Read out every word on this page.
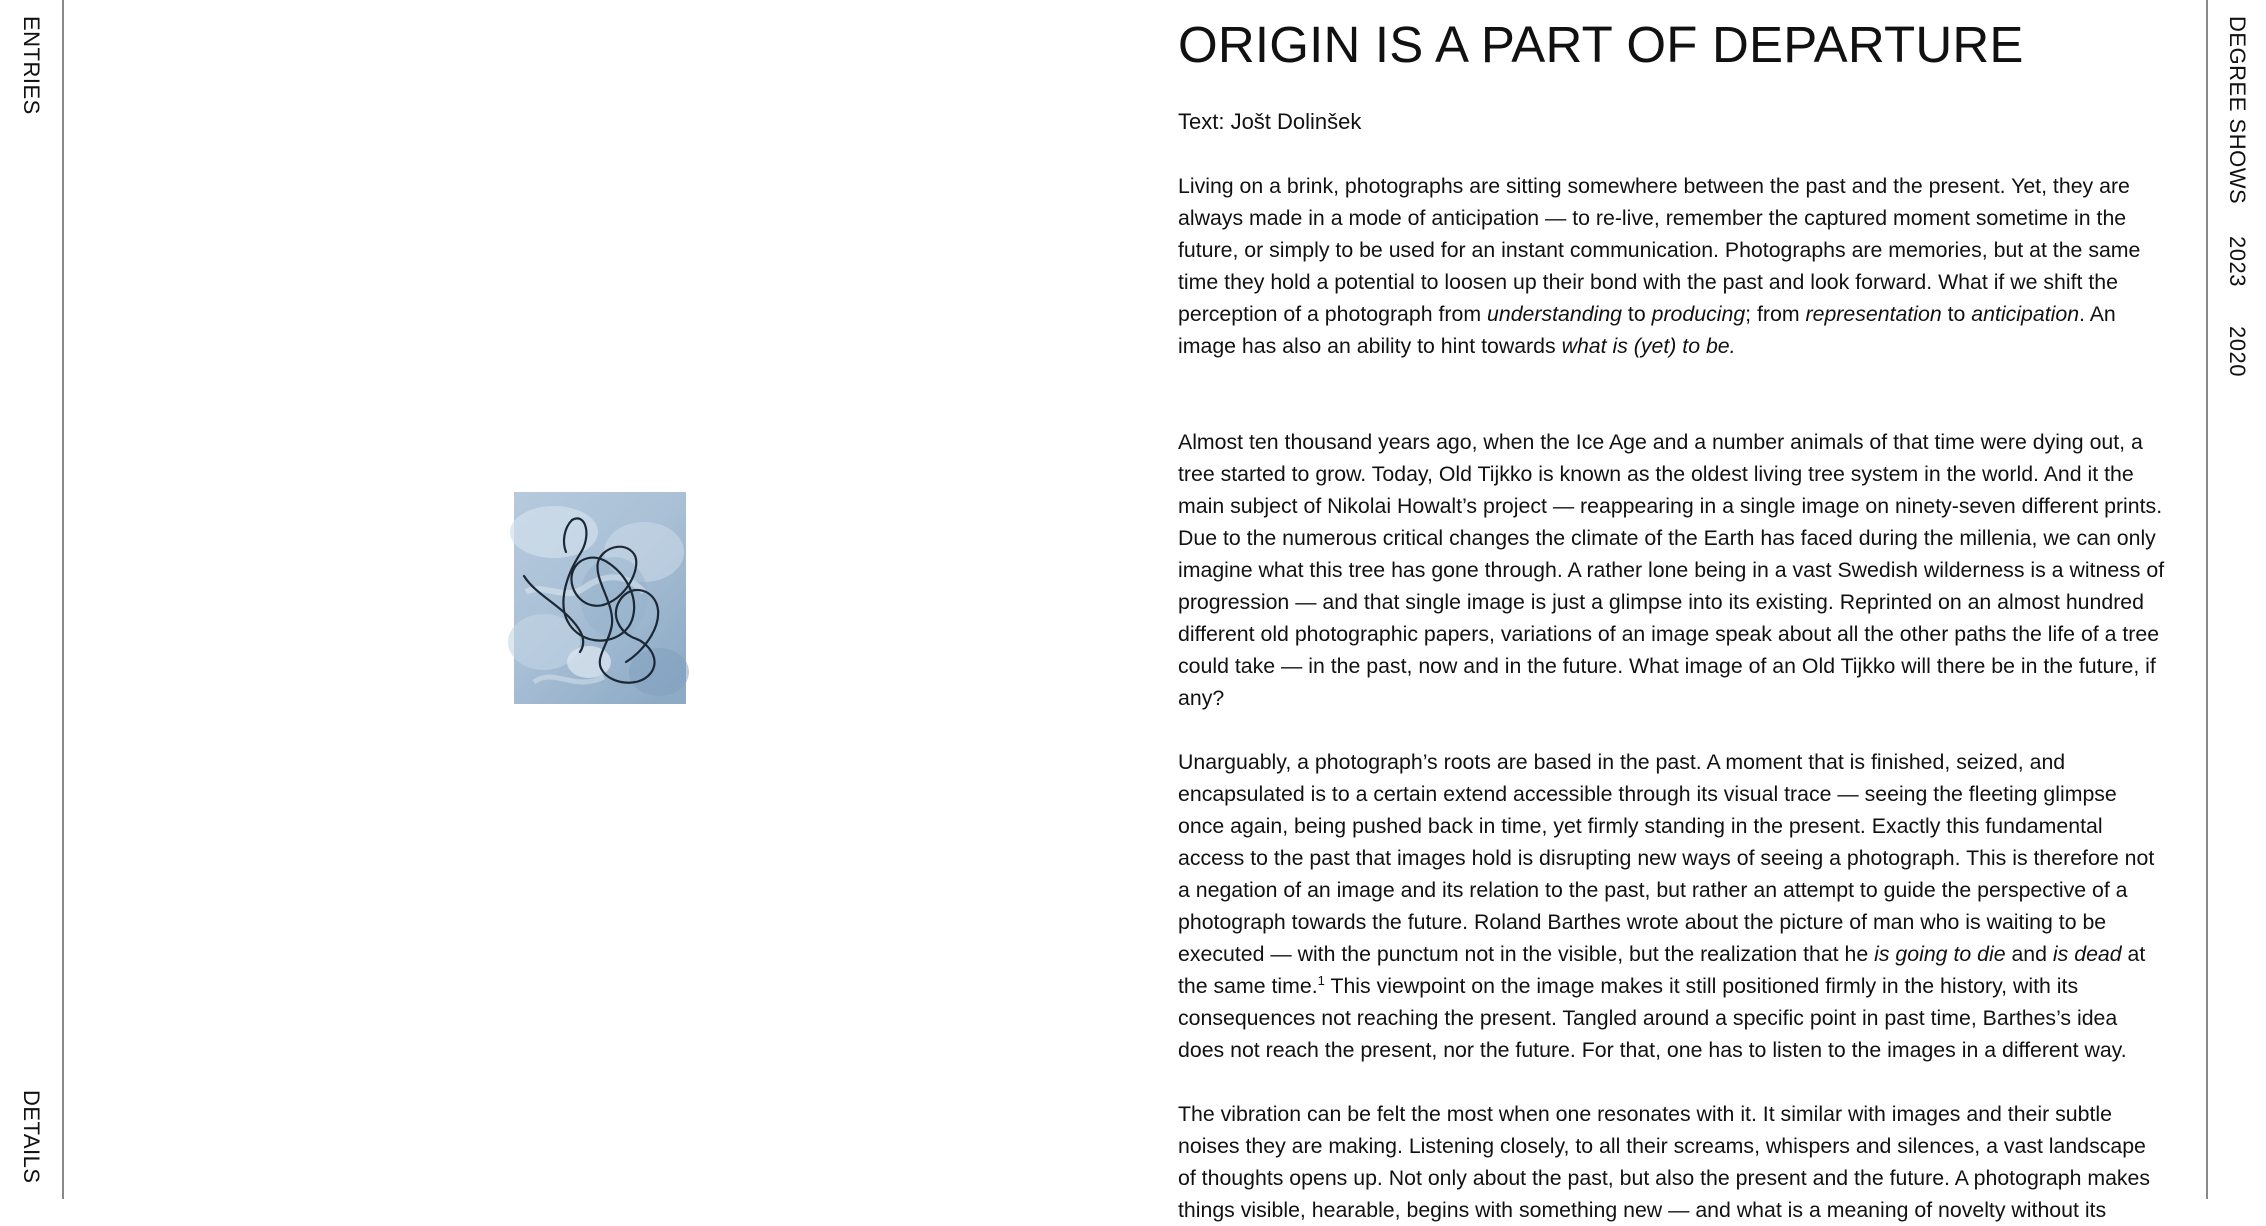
ENTRIES
DETAILS
DEGREE SHOWS
2023
2020
ORIGIN IS A PART OF DEPARTURE

Text: Jošt Dolinšek

Living on a brink, photographs are sitting somewhere between the past and the present. Yet, they are always made in a mode of anticipation — to re-live, remember the captured moment sometime in the future, or simply to be used for an instant communication. Photographs are memories, but at the same time they hold a potential to loosen up their bond with the past and look forward. What if we shift the perception of a photograph from understanding to producing; from representation to anticipation. An image has also an ability to hint towards what is (yet) to be.

Almost ten thousand years ago, when the Ice Age and a number animals of that time were dying out, a tree started to grow. Today, Old Tijkko is known as the oldest living tree system in the world. And it the main subject of Nikolai Howalt’s project — reappearing in a single image on ninety-seven different prints. Due to the numerous critical changes the climate of the Earth has faced during the millenia, we can only imagine what this tree has gone through. A rather lone being in a vast Swedish wilderness is a witness of progression — and that single image is just a glimpse into its existing. Reprinted on an almost hundred different old photographic papers, variations of an image speak about all the other paths the life of a tree could take — in the past, now and in the future. What image of an Old Tijkko will there be in the future, if any?

Unarguably, a photograph’s roots are based in the past. A moment that is finished, seized, and encapsulated is to a certain extend accessible through its visual trace — seeing the fleeting glimpse once again, being pushed back in time, yet firmly standing in the present. Exactly this fundamental access to the past that images hold is disrupting new ways of seeing a photograph. This is therefore not a negation of an image and its relation to the past, but rather an attempt to guide the perspective of a photograph towards the future. Roland Barthes wrote about the picture of man who is waiting to be executed — with the punctum not in the visible, but the realization that he is going to die and is dead at the same time.$^1$ This viewpoint on the image makes it still positioned firmly in the history, with its consequences not reaching the present. Tangled around a specific point in past time, Barthes’s idea does not reach the present, nor the future. For that, one has to listen to the images in a different way.

The vibration can be felt the most when one resonates with it. It similar with images and their subtle noises they are making. Listening closely, to all their screams, whispers and silences, a vast landscape of thoughts opens up. Not only about the past, but also the present and the future. A photograph makes things visible, hearable, begins with something new — and what is a meaning of novelty without its
